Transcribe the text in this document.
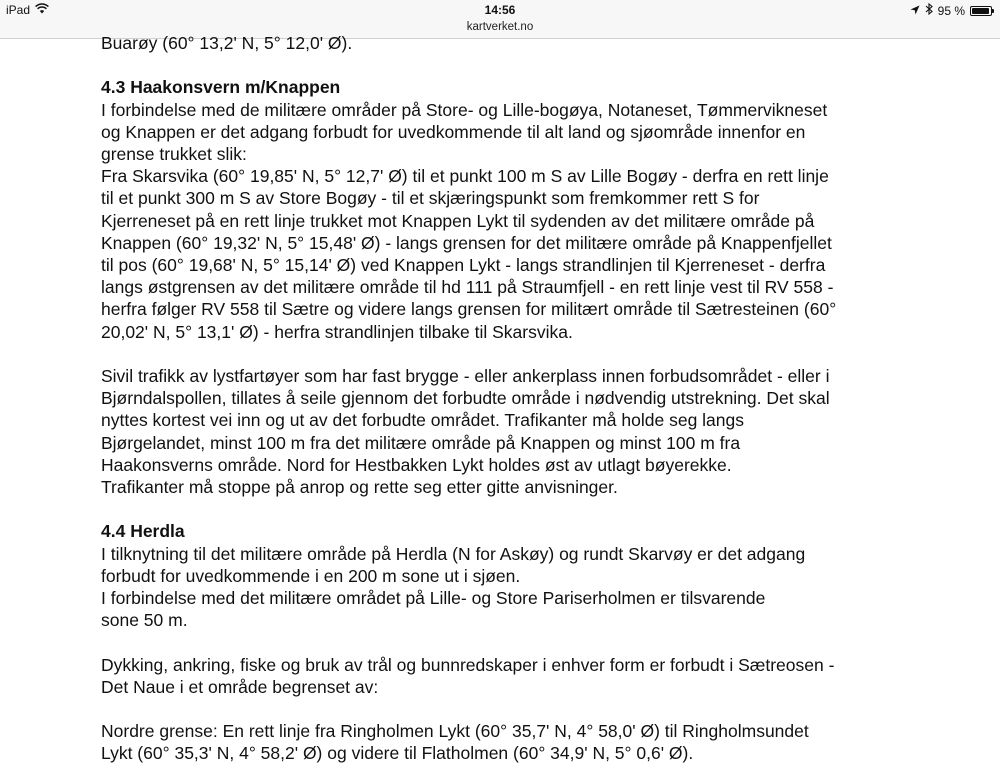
iPad	14:56	95 %
kartverket.no

Buarøy (60° 13,2' N, 5° 12,0' Ø).

4.3 Haakonsvern m/Knappen

I forbindelse med de militære områder på Store- og Lille-bogøya, Notaneset, Tømmervikneset

og Knappen er det adgang forbudt for uvedkommende til alt land og sjøområde innenfor en

grense trukket slik:

Fra Skarsvika (60° 19,85' N, 5° 12,7' Ø) til et punkt 100 m S av Lille Bogøy - derfra en rett linje

til et punkt 300 m S av Store Bogøy - til et skjæringspunkt som fremkommer rett S for

Kjerreneset på en rett linje trukket mot Knappen Lykt til sydenden av det militære område på

Knappen (60° 19,32' N, 5° 15,48' Ø) - langs grensen for det militære område på Knappenfjellet

til pos (60° 19,68' N, 5° 15,14' Ø) ved Knappen Lykt - langs strandlinjen til Kjerreneset - derfra

langs østgrensen av det militære område til hd 111 på Straumfjell - en rett linje vest til RV 558 -

herfra følger RV 558 til Sætre og videre langs grensen for militært område til Sætresteinen (60°

20,02' N, 5° 13,1' Ø) - herfra strandlinjen tilbake til Skarsvika.

Sivil trafikk av lystfartøyer som har fast brygge - eller ankerplass innen forbudsområdet - eller i

Bjørndalspollen, tillates å seile gjennom det forbudte område i nødvendig utstrekning. Det skal

nyttes kortest vei inn og ut av det forbudte området. Trafikanter må holde seg langs

Bjørgelandet, minst 100 m fra det militære område på Knappen og minst 100 m fra

Haakonsverns område. Nord for Hestbakken Lykt holdes øst av utlagt bøyerekke.

Trafikanter må stoppe på anrop og rette seg etter gitte anvisninger.

4.4 Herdla

I tilknytning til det militære område på Herdla (N for Askøy) og rundt Skarvøy er det adgang

forbudt for uvedkommende i en 200 m sone ut i sjøen.

I forbindelse med det militære området på Lille- og Store Pariserholmen er tilsvarende

sone 50 m.

Dykking, ankring, fiske og bruk av trål og bunnredskaper i enhver form er forbudt i Sætreosen -

Det Naue i et område begrenset av:

Nordre grense: En rett linje fra Ringholmen Lykt (60° 35,7' N, 4° 58,0' Ø) til Ringholmsundet

Lykt (60° 35,3' N, 4° 58,2' Ø) og videre til Flatholmen (60° 34,9' N, 5° 0,6' Ø).
